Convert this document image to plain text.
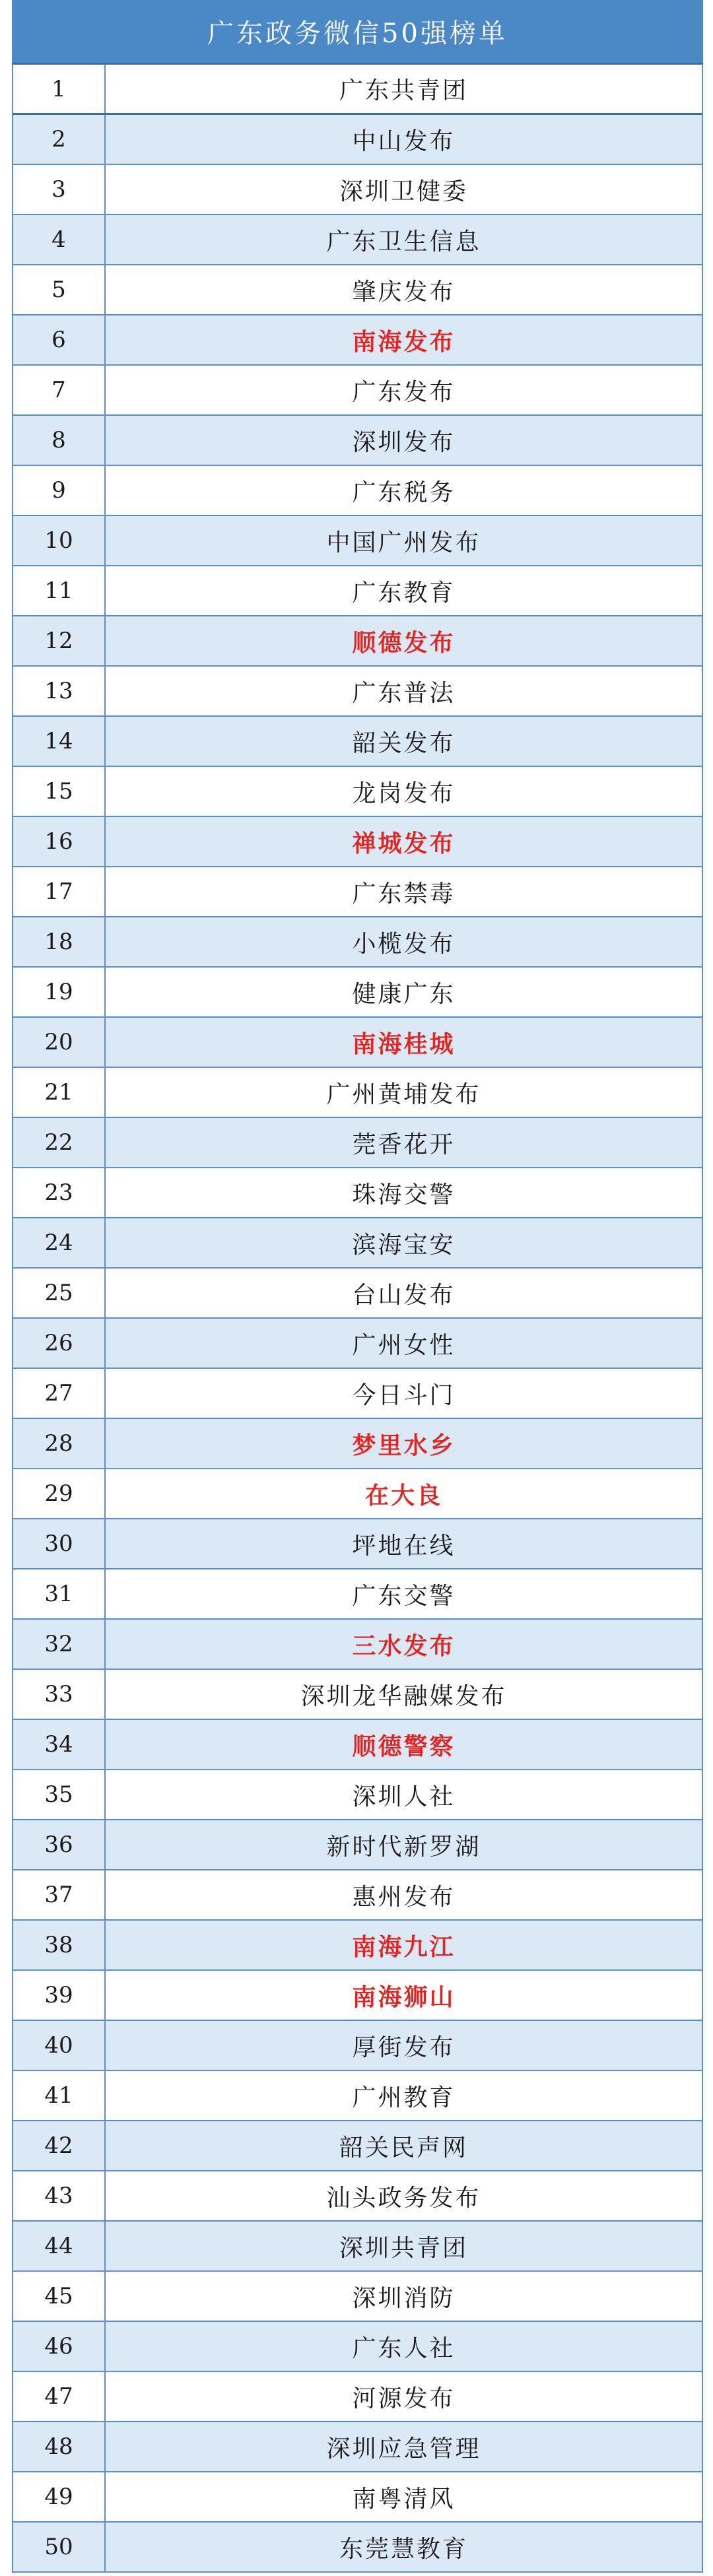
广东政务微信50强榜单
1	广东共青团
2	中山发布
3	深圳卫健委
4	广东卫生信息
5	肇庆发布
6	南海发布
7	广东发布
8	深圳发布
9	广东税务
10	中国广州发布
11	广东教育
12	顺德发布
13	广东普法
14	韶关发布
15	龙岗发布
16	禅城发布
17	广东禁毒
18	小榄发布
19	健康广东
20	南海桂城
21	广州黄埔发布
22	莞香花开
23	珠海交警
24	滨海宝安
25	台山发布
26	广州女性
27	今日斗门
28	梦里水乡
29	在大良
30	坪地在线
31	广东交警
32	三水发布
33	深圳龙华融媒发布
34	顺德警察
35	深圳人社
36	新时代新罗湖
37	惠州发布
38	南海九江
39	南海狮山
40	厚街发布
41	广州教育
42	韶关民声网
43	汕头政务发布
44	深圳共青团
45	深圳消防
46	广东人社
47	河源发布
48	深圳应急管理
49	南粤清风
50	东莞慧教育
